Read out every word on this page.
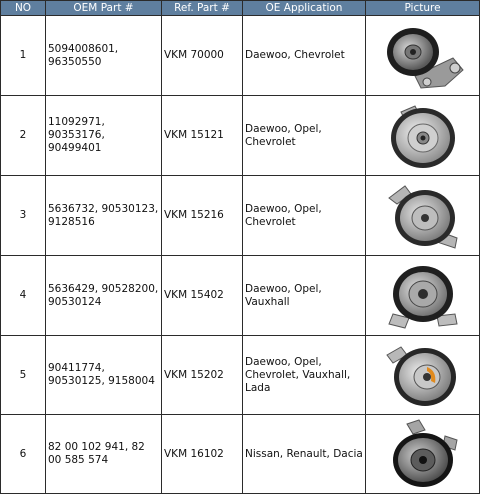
NO	OEM Part #	Ref. Part #	OE Application	Picture
1	5094008601, 96350550	VKM 70000	Daewoo, Chevrolet	

2	11092971, 90353176, 90499401	VKM 15121	Daewoo, Opel, Chevrolet	

3	5636732, 90530123, 9128516	VKM 15216	Daewoo, Opel, Chevrolet	

4	5636429, 90528200, 90530124	VKM 15402	Daewoo, Opel, Vauxhall	

5	90411774, 90530125, 9158004	VKM 15202	Daewoo, Opel, Chevrolet, Vauxhall, Lada	

6	82 00 102 941, 82 00 585 574	VKM 16102	Nissan, Renault, Dacia	
